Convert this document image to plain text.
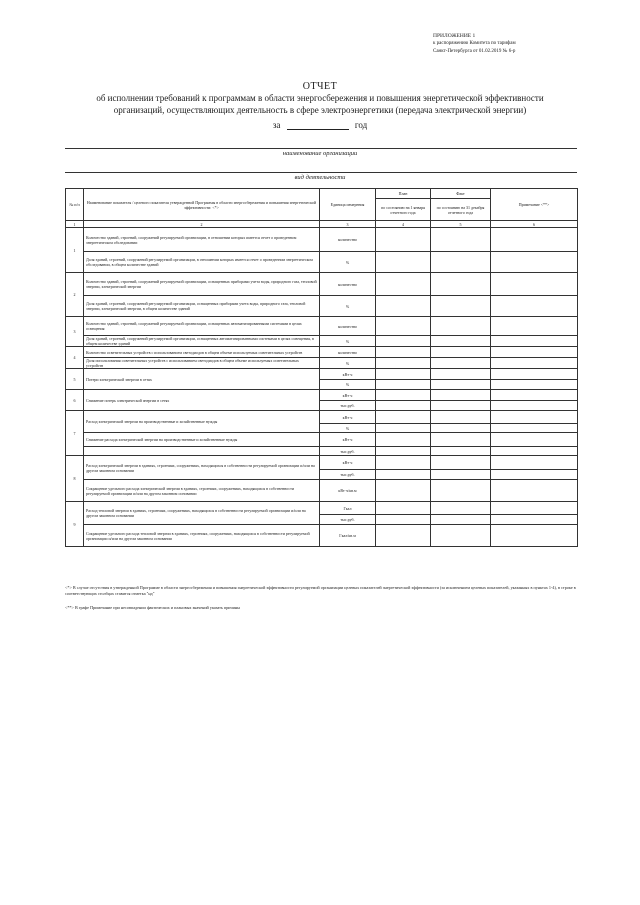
ПРИЛОЖЕНИЕ 1
к распоряжению Комитета по тарифам
Санкт-Петербурга от 01.02.2019 № 6-р
ОТЧЕТ
об исполнении требований к программам в области энергосбережения и повышения энергетической эффективности
организаций, осуществляющих деятельность в сфере электроэнергетики (передача электрической энергии)
за	год
наименование организации
вид деятельности
№ п/п	Наименование показателя / целевого показателя утвержденной Программы в области энергосбережения и повышения энергетической эффективности: <*>	Единица измерения	План	Факт	Примечание <**>
			по состоянию на 1 января отчетного года	по состоянию на 31 декабря отчетного года	
1	2	3	4	5	6
1	Количество зданий, строений, сооружений регулируемой организации, в отношении которых имеется отчет о проведенном энергетическом обследовании	количество			
	Доля зданий, строений, сооружений регулируемой организации, в отношении которых имеется отчет о проведенном энергетическом обследовании, в общем количестве зданий	%			
2	Количество зданий, строений, сооружений регулируемой организации, оснащенных приборами учета воды, природного газа, тепловой энергии, электрической энергии	количество			
	Доля зданий, строений, сооружений регулируемой организации, оснащенных приборами учета воды, природного газа, тепловой энергии, электрической энергии, в общем количестве зданий	%			
3	Количество зданий, строений, сооружений регулируемой организации, оснащенных автоматизированными системами в целях освещения	количество			
	Доля зданий, строений, сооружений регулируемой организации, оснащенных автоматизированными системами в целях освещения, в общем количестве зданий	%			
4	Количество осветительных устройств с использованием светодиодов в общем объеме используемых осветительных устройств	количество			
	Доля использования осветительных устройств с использованием светодиодов в общем объеме используемых осветительных устройств	%			
5	Потери электрической энергии в сетях	кВт·ч			
		%			
6	Снижение потерь электрической энергии в сетях	кВт·ч			
		тыс.руб.			
7	Расход электрической энергии на производственные и хозяйственные нужды	кВт·ч			
		%			
	Снижение расхода электрической энергии на производственные и хозяйственные нужды	кВт·ч			
		тыс.руб.			
8	Расход электрической энергии в зданиях, строениях, сооружениях, находящихся в собственности регулируемой организации и/или на другом законном основании	кВт·ч			
		тыс.руб.			
	Сокращение удельного расхода электрической энергии в зданиях, строениях, сооружениях, находящихся в собственности регулируемой организации и/или на другом законном основании	кВт·ч/кв.м			
9	Расход тепловой энергии в зданиях, строениях, сооружениях, находящихся в собственности регулируемой организации и/или на другом законном основании	Гкал			
		тыс.руб.			
	Сокращение удельного расхода тепловой энергии в зданиях, строениях, сооружениях, находящихся в собственности регулируемой организации и/или на другом законном основании	Гкал/кв.м			
<*> В случае отсутствия в утвержденной Программе в области энергосбережения и повышения энергетической эффективности регулируемой организации целевых показателей энергетической эффективности (за исключением целевых показателей, указанных в пунктах 1-4), в строке в соответствующих столбцах ставится отметка "нд"
<**> В графе Примечание при несовпадении фактических и плановых значений указать причины
